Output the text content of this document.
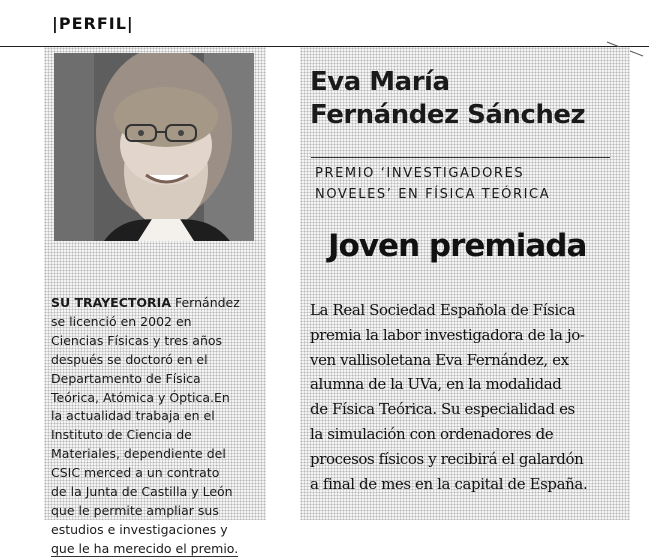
|PERFIL|
SU TRAYECTORIA Fernández
se licenció en 2002 en
Ciencias Físicas y tres años
después se doctoró en el
Departamento de Física
Teórica, Atómica y Óptica.En
la actualidad trabaja en el
Instituto de Ciencia de
Materiales, dependiente del
CSIC merced a un contrato
de la Junta de Castilla y León
que le permite ampliar sus
estudios e investigaciones y
que le ha merecido el premio.
Eva María
Fernández Sánchez
PREMIO ‘INVESTIGADORES
NOVELES’ EN FÍSICA TEÓRICA
Joven premiada
La Real Sociedad Española de Física
premia la labor investigadora de la jo-
ven vallisoletana Eva Fernández, ex
alumna de la UVa, en la modalidad
de Física Teórica. Su especialidad es
la simulación con ordenadores de
procesos físicos y recibirá el galardón
a final de mes en la capital de España.
